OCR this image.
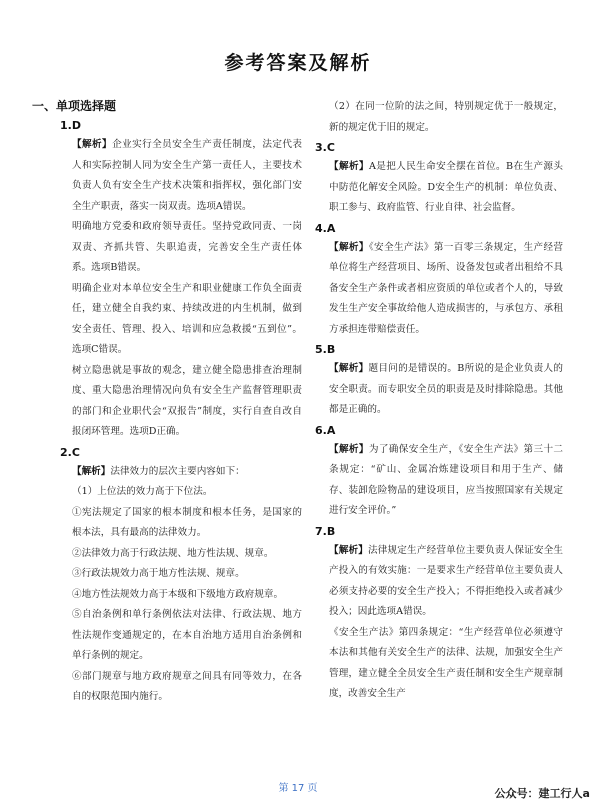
参考答案及解析
一、单项选择题
1.D

【解析】企业实行全员安全生产责任制度，法定代表人和实际控制人同为安全生产第一责任人，主要技术负责人负有安全生产技术决策和指挥权，强化部门安全生产职责，落实一岗双责。选项A错误。

明确地方党委和政府领导责任。坚持党政同责、一岗双责、齐抓共管、失职追责，完善安全生产责任体系。选项B错误。

明确企业对本单位安全生产和职业健康工作负全面责任，建立健全自我约束、持续改进的内生机制，做到安全责任、管理、投入、培训和应急救援“五到位”。选项C错误。

树立隐患就是事故的观念，建立健全隐患排查治理制度、重大隐患治理情况向负有安全生产监督管理职责的部门和企业职代会“双报告”制度，实行自查自改自报闭环管理。选项D正确。

2.C

【解析】法律效力的层次主要内容如下：

（1）上位法的效力高于下位法。

①宪法规定了国家的根本制度和根本任务，是国家的根本法，具有最高的法律效力。

②法律效力高于行政法规、地方性法规、规章。

③行政法规效力高于地方性法规、规章。

④地方性法规效力高于本级和下级地方政府规章。

⑤自治条例和单行条例依法对法律、行政法规、地方性法规作变通规定的，在本自治地方适用自治条例和单行条例的规定。

⑥部门规章与地方政府规章之间具有同等效力，在各自的权限范围内施行。

（2）在同一位阶的法之间，特别规定优于一般规定，新的规定优于旧的规定。

3.C

【解析】A是把人民生命安全摆在首位。B在生产源头中防范化解安全风险。D安全生产的机制：单位负责、职工参与、政府监管、行业自律、社会监督。

4.A

【解析】《安全生产法》第一百零三条规定，生产经营单位将生产经营项目、场所、设备发包或者出租给不具备安全生产条件或者相应资质的单位或者个人的，导致发生生产安全事故给他人造成损害的，与承包方、承租方承担连带赔偿责任。

5.B

【解析】题目问的是错误的。B所说的是企业负责人的安全职责。而专职安全员的职责是及时排除隐患。其他都是正确的。

6.A

【解析】为了确保安全生产，《安全生产法》第三十二条规定：“矿山、金属冶炼建设项目和用于生产、储存、装卸危险物品的建设项目，应当按照国家有关规定进行安全评价。”

7.B

【解析】法律规定生产经营单位主要负责人保证安全生产投入的有效实施：一是要求生产经营单位主要负责人必须支持必要的安全生产投入；不得拒绝投入或者减少投入；因此选项A错误。

《安全生产法》第四条规定：“生产经营单位必须遵守本法和其他有关安全生产的法律、法规，加强安全生产管理，建立健全全员安全生产责任制和安全生产规章制度，改善安全生产

第 17 页	公众号：建工行人a
